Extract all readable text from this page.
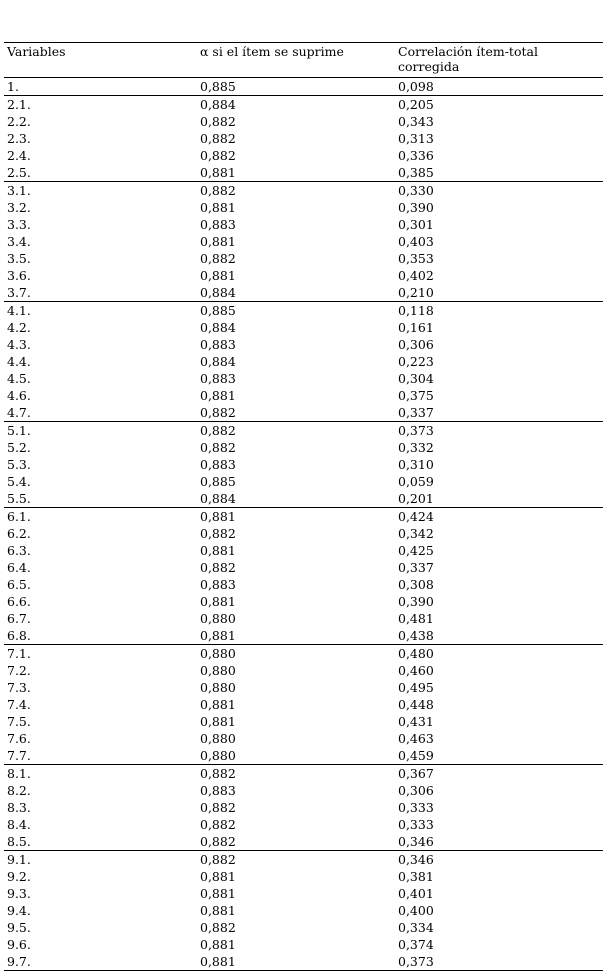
Variables	α si el ítem se suprime	Correlación ítem-total corregida
1.	0,885	0,098
2.1.	0,884	0,205
2.2.	0,882	0,343
2.3.	0,882	0,313
2.4.	0,882	0,336
2.5.	0,881	0,385
3.1.	0,882	0,330
3.2.	0,881	0,390
3.3.	0,883	0,301
3.4.	0,881	0,403
3.5.	0,882	0,353
3.6.	0,881	0,402
3.7.	0,884	0,210
4.1.	0,885	0,118
4.2.	0,884	0,161
4.3.	0,883	0,306
4.4.	0,884	0,223
4.5.	0,883	0,304
4.6.	0,881	0,375
4.7.	0,882	0,337
5.1.	0,882	0,373
5.2.	0,882	0,332
5.3.	0,883	0,310
5.4.	0,885	0,059
5.5.	0,884	0,201
6.1.	0,881	0,424
6.2.	0,882	0,342
6.3.	0,881	0,425
6.4.	0,882	0,337
6.5.	0,883	0,308
6.6.	0,881	0,390
6.7.	0,880	0,481
6.8.	0,881	0,438
7.1.	0,880	0,480
7.2.	0,880	0,460
7.3.	0,880	0,495
7.4.	0,881	0,448
7.5.	0,881	0,431
7.6.	0,880	0,463
7.7.	0,880	0,459
8.1.	0,882	0,367
8.2.	0,883	0,306
8.3.	0,882	0,333
8.4.	0,882	0,333
8.5.	0,882	0,346
9.1.	0,882	0,346
9.2.	0,881	0,381
9.3.	0,881	0,401
9.4.	0,881	0,400
9.5.	0,882	0,334
9.6.	0,881	0,374
9.7.	0,881	0,373
